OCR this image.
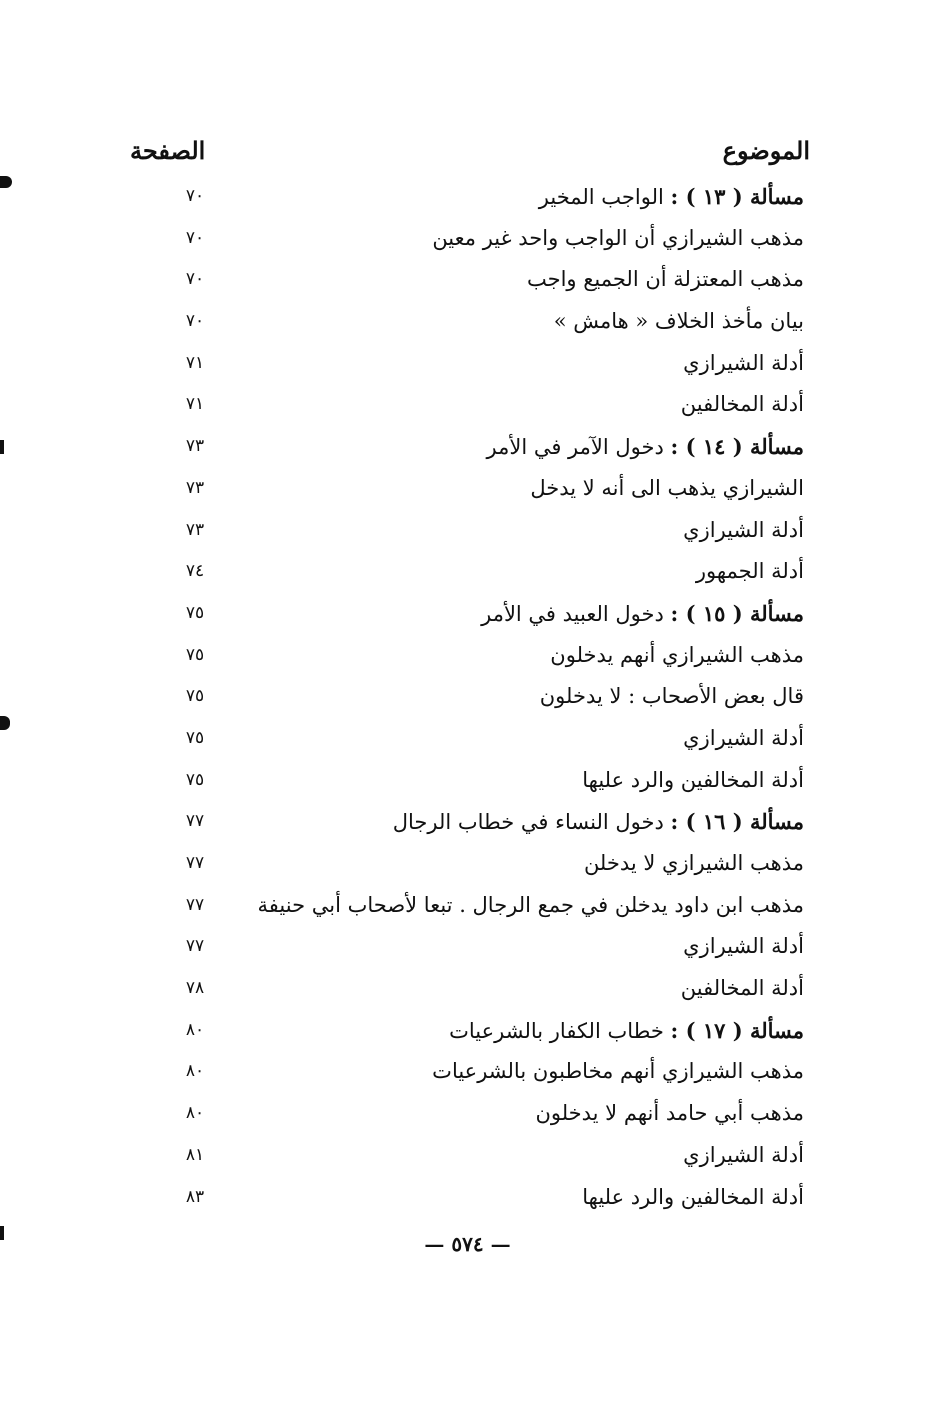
الموضوع
الصفحة
مسألة ( ١٣ ) : الواجب المخير
٧٠
مذهب الشيرازي أن الواجب واحد غير معين
٧٠
مذهب المعتزلة أن الجميع واجب
٧٠
بيان مأخذ الخلاف « هامش »
٧٠
أدلة الشيرازي
٧١
أدلة المخالفين
٧١
مسألة ( ١٤ ) : دخول الآمر في الأمر
٧٣
الشيرازي يذهب الى أنه لا يدخل
٧٣
أدلة الشيرازي
٧٣
أدلة الجمهور
٧٤
مسألة ( ١٥ ) : دخول العبيد في الأمر
٧٥
مذهب الشيرازي أنهم يدخلون
٧٥
قال بعض الأصحاب : لا يدخلون
٧٥
أدلة الشيرازي
٧٥
أدلة المخالفين والرد عليها
٧٥
مسألة ( ١٦ ) : دخول النساء في خطاب الرجال
٧٧
مذهب الشيرازي لا يدخلن
٧٧
مذهب ابن داود يدخلن في جمع الرجال . تبعا لأصحاب أبي حنيفة
٧٧
أدلة الشيرازي
٧٧
أدلة المخالفين
٧٨
مسألة ( ١٧ ) : خطاب الكفار بالشرعيات
٨٠
مذهب الشيرازي أنهم مخاطبون بالشرعيات
٨٠
مذهب أبي حامد أنهم لا يدخلون
٨٠
أدلة الشيرازي
٨١
أدلة المخالفين والرد عليها
٨٣
— ٥٧٤ —
